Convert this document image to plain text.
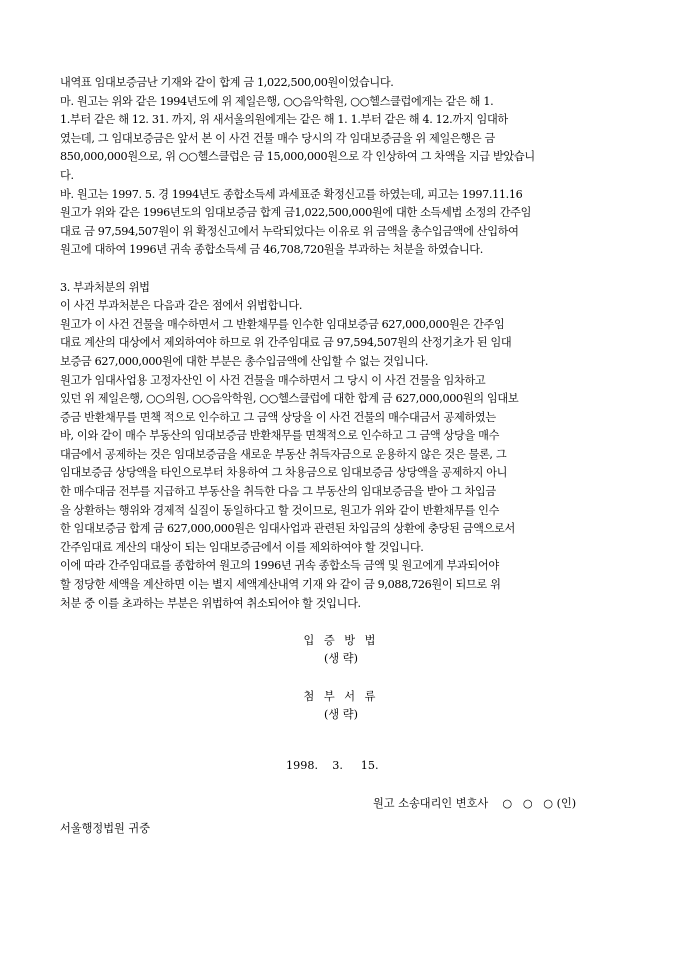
내역표 임대보증금난 기재와 같이 합계 금 1,022,500,00원이었습니다.
마. 원고는 위와 같은 1994년도에 위 제일은행, ○○음악학원, ○○헬스클럽에게는 같은 해 1.
1.부터 같은 해 12. 31. 까지, 위 새서울의원에게는 같은 해 1. 1.부터 같은 해 4. 12.까지 임대하
였는데, 그 임대보증금은 앞서 본 이 사건 건물 매수 당시의 각 임대보증금을 위 제일은행은 금
850,000,000원으로, 위 ○○헬스클럽은 금 15,000,000원으로 각 인상하여 그 차액을 지급 받았습니
다.
바. 원고는 1997. 5. 경 1994년도 종합소득세 과세표준 확정신고를 하였는데, 피고는 1997.11.16
원고가 위와 같은 1996년도의 임대보증금 합계 금1,022,500,000원에 대한 소득세법 소정의 간주임
대료 금 97,594,507원이 위 확정신고에서 누락되었다는 이유로 위 금액을 총수입금액에 산입하여
원고에 대하여 1996년 귀속 종합소득세 금 46,708,720원을 부과하는 처분을 하였습니다.
3. 부과처분의 위법
이 사건 부과처분은 다음과 같은 점에서 위법합니다.
원고가 이 사건 건물을 매수하면서 그 반환채무를 인수한 임대보증금 627,000,000원은 간주임
대료 계산의 대상에서 제외하여야 하므로 위 간주임대료 금 97,594,507원의 산정기초가 된 임대
보증금 627,000,000원에 대한 부분은 총수입금액에 산입할 수 없는 것입니다.
원고가 임대사업용 고정자산인 이 사건 건물을 매수하면서 그 당시 이 사건 건물을 임차하고
있던 위 제일은행, ○○의원, ○○음악학원, ○○헬스클럽에 대한 합계 금 627,000,000원의 임대보
증금 반환채무를 면책 적으로 인수하고 그 금액 상당을 이 사건 건물의 매수대금서 공제하였는
바, 이와 같이 매수 부동산의 임대보증금 반환채무를 면책적으로 인수하고 그 금액 상당을 매수
대금에서 공제하는 것은 임대보증금을 새로운 부동산 취득자금으로 운용하지 않은 것은 물론, 그
임대보증금 상당액을 타인으로부터 차용하여 그 차용금으로 임대보증금 상당액을 공제하지 아니
한 매수대금 전부를 지급하고 부동산을 취득한 다음 그 부동산의 임대보증금을 받아 그 차입금
을 상환하는 행위와 경제적 실질이 동일하다고 할 것이므로, 원고가 위와 같이 반환채무를 인수
한 임대보증금 합계 금 627,000,000원은 임대사업과 관련된 차입금의 상환에 충당된 금액으로서
간주임대료 계산의 대상이 되는 임대보증금에서 이를 제외하여야 할 것입니다.
이에 따라 간주임대료를 종합하여 원고의 1996년 귀속 종합소득 금액 및 원고에게 부과되어야
할 정당한 세액을 계산하면 이는 별지 세액계산내역 기재 와 같이 금 9,088,726원이 되므로 위
처분 중 이를 초과하는 부분은 위법하여 취소되어야 할 것입니다.
입 증 방 법
(생 략)
첨 부 서 류
(생 략)
1998.    3.     15.
원고 소송대리인 변호사    ○   ○   ○ (인)
서울행정법원 귀중
